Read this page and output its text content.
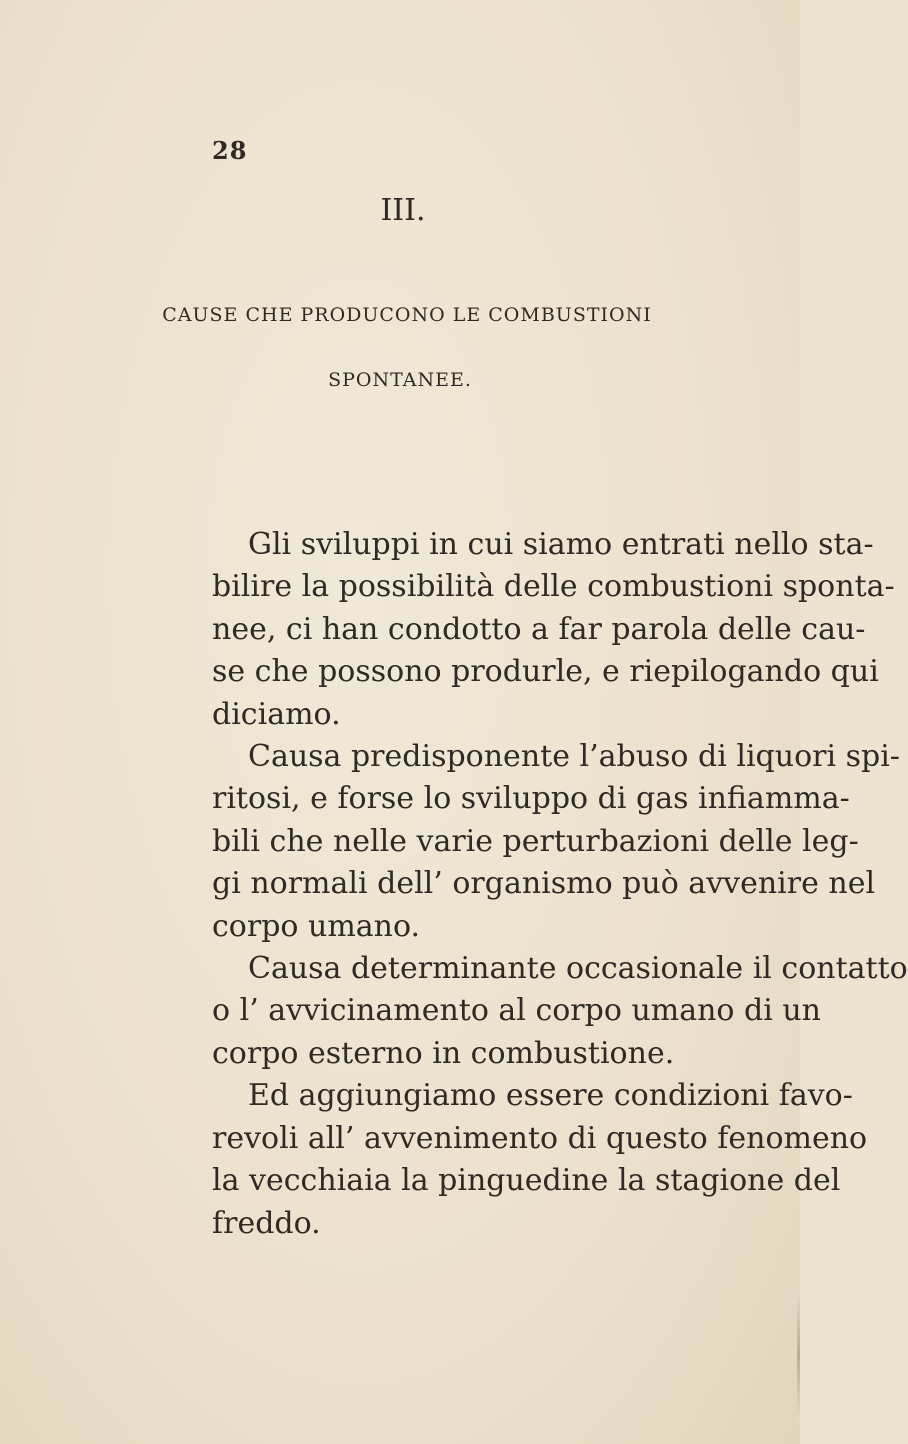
28
III.
CAUSE CHE PRODUCONO LE COMBUSTIONI
SPONTANEE.

Gli sviluppi in cui siamo entrati nello sta-
bilire la possibilità delle combustioni sponta-
nee, ci han condotto a far parola delle cau-
se che possono produrle, e riepilogando qui
diciamo.

Causa predisponente l’abuso di liquori spi-
ritosi, e forse lo sviluppo di gas infiamma-
bili che nelle varie perturbazioni delle leg-
gi normali dell’ organismo può avvenire nel
corpo umano.

Causa determinante occasionale il contatto
o l’ avvicinamento al corpo umano di un
corpo esterno in combustione.

Ed aggiungiamo essere condizioni favo-
revoli all’ avvenimento di questo fenomeno
la vecchiaia la pinguedine la stagione del
freddo.
